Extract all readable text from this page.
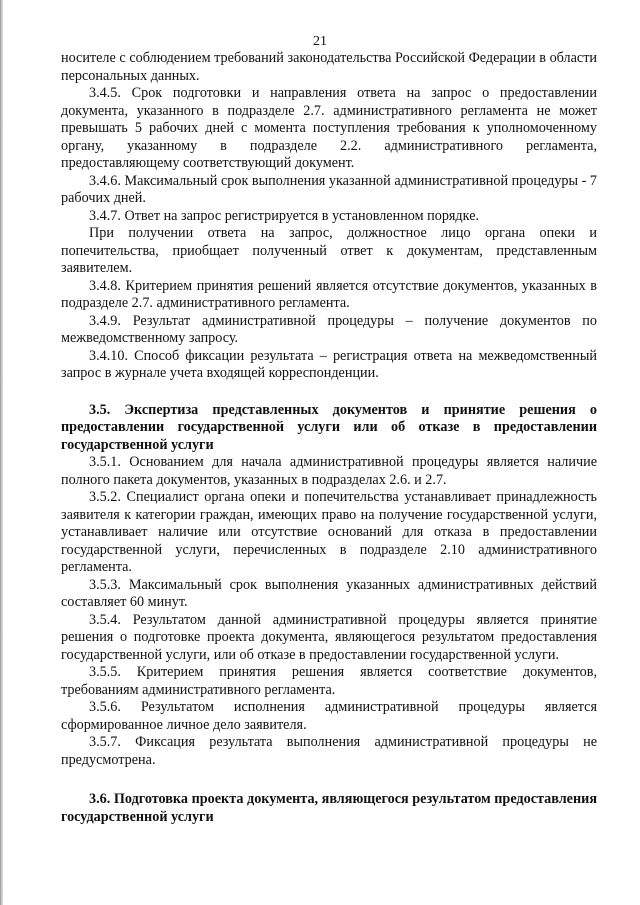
21

носителе с соблюдением требований законодательства Российской Федерации в области персональных данных.

3.4.5. Срок подготовки и направления ответа на запрос о предоставлении документа, указанного в подразделе 2.7. административного регламента не может превышать 5 рабочих дней с момента поступления требования к уполномоченному органу, указанному в подразделе 2.2. административного регламента, предоставляющему соответствующий документ.

3.4.6. Максимальный срок выполнения указанной административной процедуры - 7 рабочих дней.

3.4.7. Ответ на запрос регистрируется в установленном порядке.

При получении ответа на запрос, должностное лицо органа опеки и попечительства, приобщает полученный ответ к документам, представленным заявителем.

3.4.8. Критерием принятия решений является отсутствие документов, указанных в подразделе 2.7. административного регламента.

3.4.9. Результат административной процедуры – получение документов по межведомственному запросу.

3.4.10. Способ фиксации результата – регистрация ответа на межведомственный запрос в журнале учета входящей корреспонденции.

3.5. Экспертиза представленных документов и принятие решения о предоставлении государственной услуги или об отказе в предоставлении государственной услуги

3.5.1. Основанием для начала административной процедуры является наличие полного пакета документов, указанных в подразделах 2.6. и 2.7.

3.5.2. Специалист органа опеки и попечительства устанавливает принадлежность заявителя к категории граждан, имеющих право на получение государственной услуги, устанавливает наличие или отсутствие оснований для отказа в предоставлении государственной услуги, перечисленных в подразделе 2.10 административного регламента.

3.5.3. Максимальный срок выполнения указанных административных действий составляет 60 минут.

3.5.4. Результатом данной административной процедуры является принятие решения о подготовке проекта документа, являющегося результатом предоставления государственной услуги, или об отказе в предоставлении государственной услуги.

3.5.5. Критерием принятия решения является соответствие документов, требованиям административного регламента.

3.5.6. Результатом исполнения административной процедуры является сформированное личное дело заявителя.

3.5.7. Фиксация результата выполнения административной процедуры не предусмотрена.

3.6. Подготовка проекта документа, являющегося результатом предоставления государственной услуги
